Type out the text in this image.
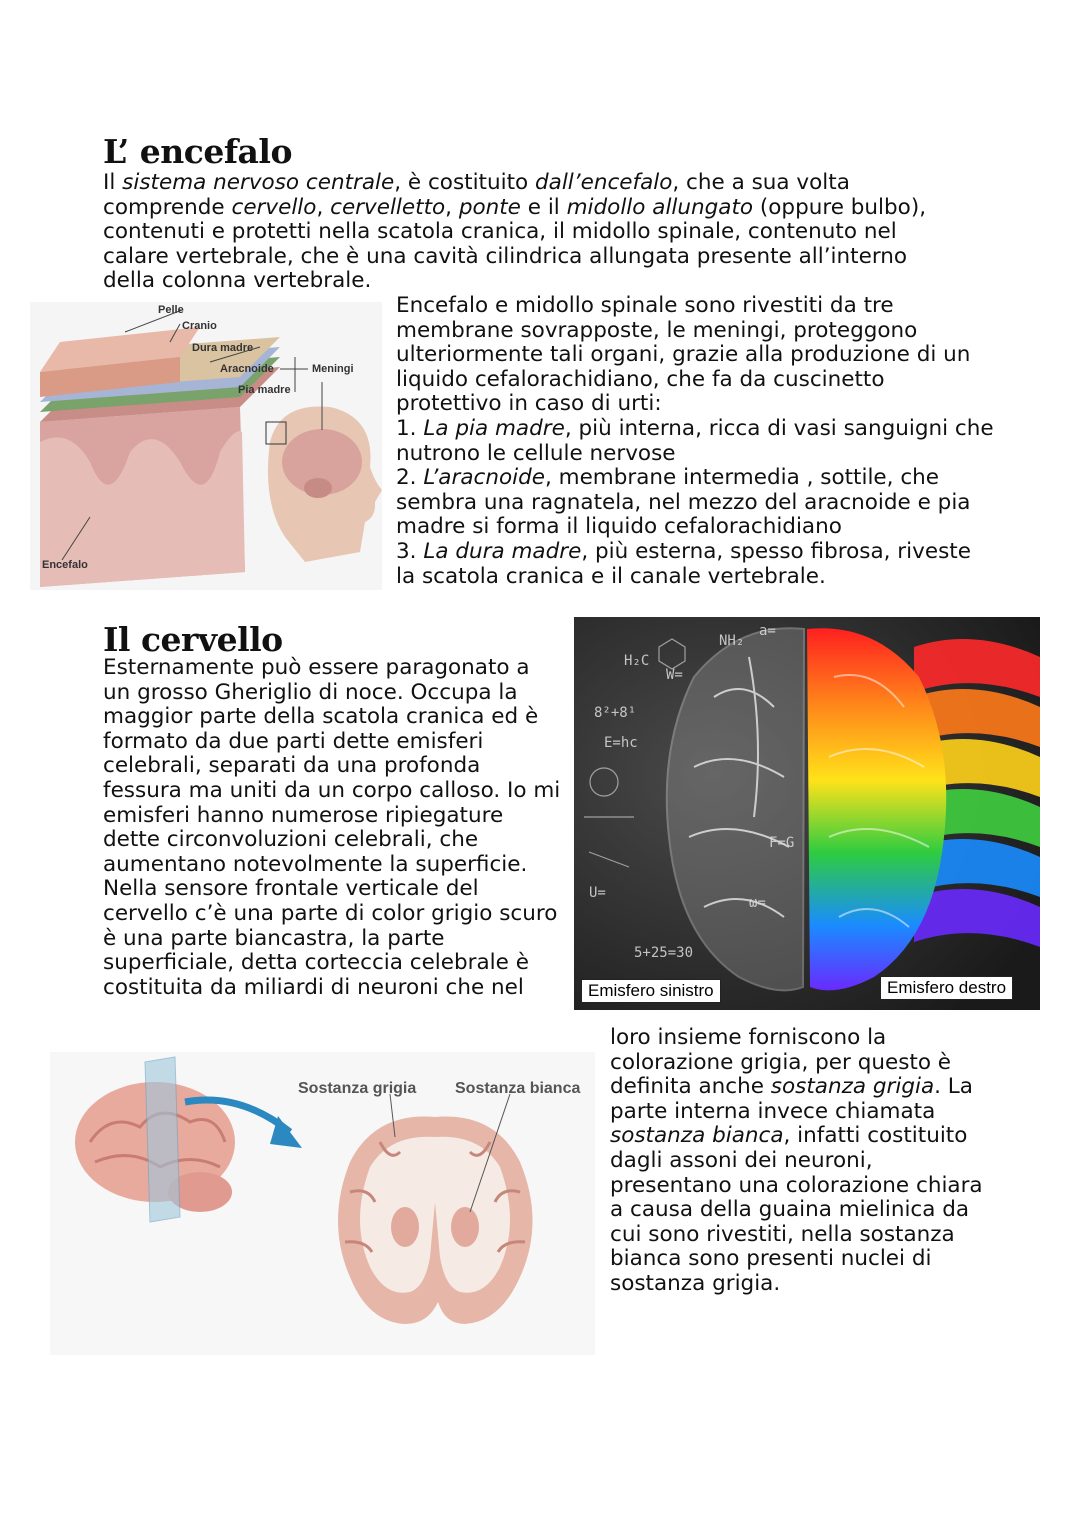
L’ encefalo

Il sistema nervoso centrale, è costituito dall’encefalo, che a sua volta comprende cervello, cervelletto, ponte e il midollo allungato (oppure bulbo), contenuti e protetti nella scatola cranica, il midollo spinale, contenuto nel calare vertebrale, che è una cavità cilindrica allungata presente all’interno della colonna vertebrale.

Pelle
Cranio
Dura madre
Aracnoide
Pia madre
Meningi
Encefalo

Encefalo e midollo spinale sono rivestiti da tre membrane sovrapposte, le meningi, proteggono ulteriormente tali organi, grazie alla produzione di un liquido cefalorachidiano, che fa da cuscinetto protettivo in caso di urti:

1. La pia madre, più interna, ricca di vasi sanguigni che nutrono le cellule nervose

2. L’aracnoide, membrane intermedia , sottile, che sembra una ragnatela, nel mezzo del aracnoide e pia madre si forma il liquido cefalorachidiano

3. La dura madre, più esterna, spesso fibrosa, riveste la scatola cranica e il canale vertebrale.

Il cervello

Esternamente può essere paragonato a un grosso Gheriglio di noce. Occupa la maggior parte della scatola cranica ed è formato da due parti dette emisferi celebrali, separati da una profonda fessura ma uniti da un corpo calloso. Io mi emisferi hanno numerose ripiegature dette circonvoluzioni celebrali, che aumentano notevolmente la superficie. Nella sensore frontale verticale del cervello c’è una parte di color grigio scuro è una parte biancastra, la parte superficiale, detta corteccia celebrale è costituita da miliardi di neuroni che nel

H₂C
NH₂
W=
8²+8¹
E=hc
U=
5+25=30
F=G
ω=
a=
Emisfero sinistro	Emisfero destro
Sostanza grigia Sostanza bianca

loro insieme forniscono la colorazione grigia, per questo è definita anche sostanza grigia. La parte interna invece chiamata sostanza bianca, infatti costituito dagli assoni dei neuroni, presentano una colorazione chiara a causa della guaina mielinica da cui sono rivestiti, nella sostanza bianca sono presenti nuclei di sostanza grigia.
